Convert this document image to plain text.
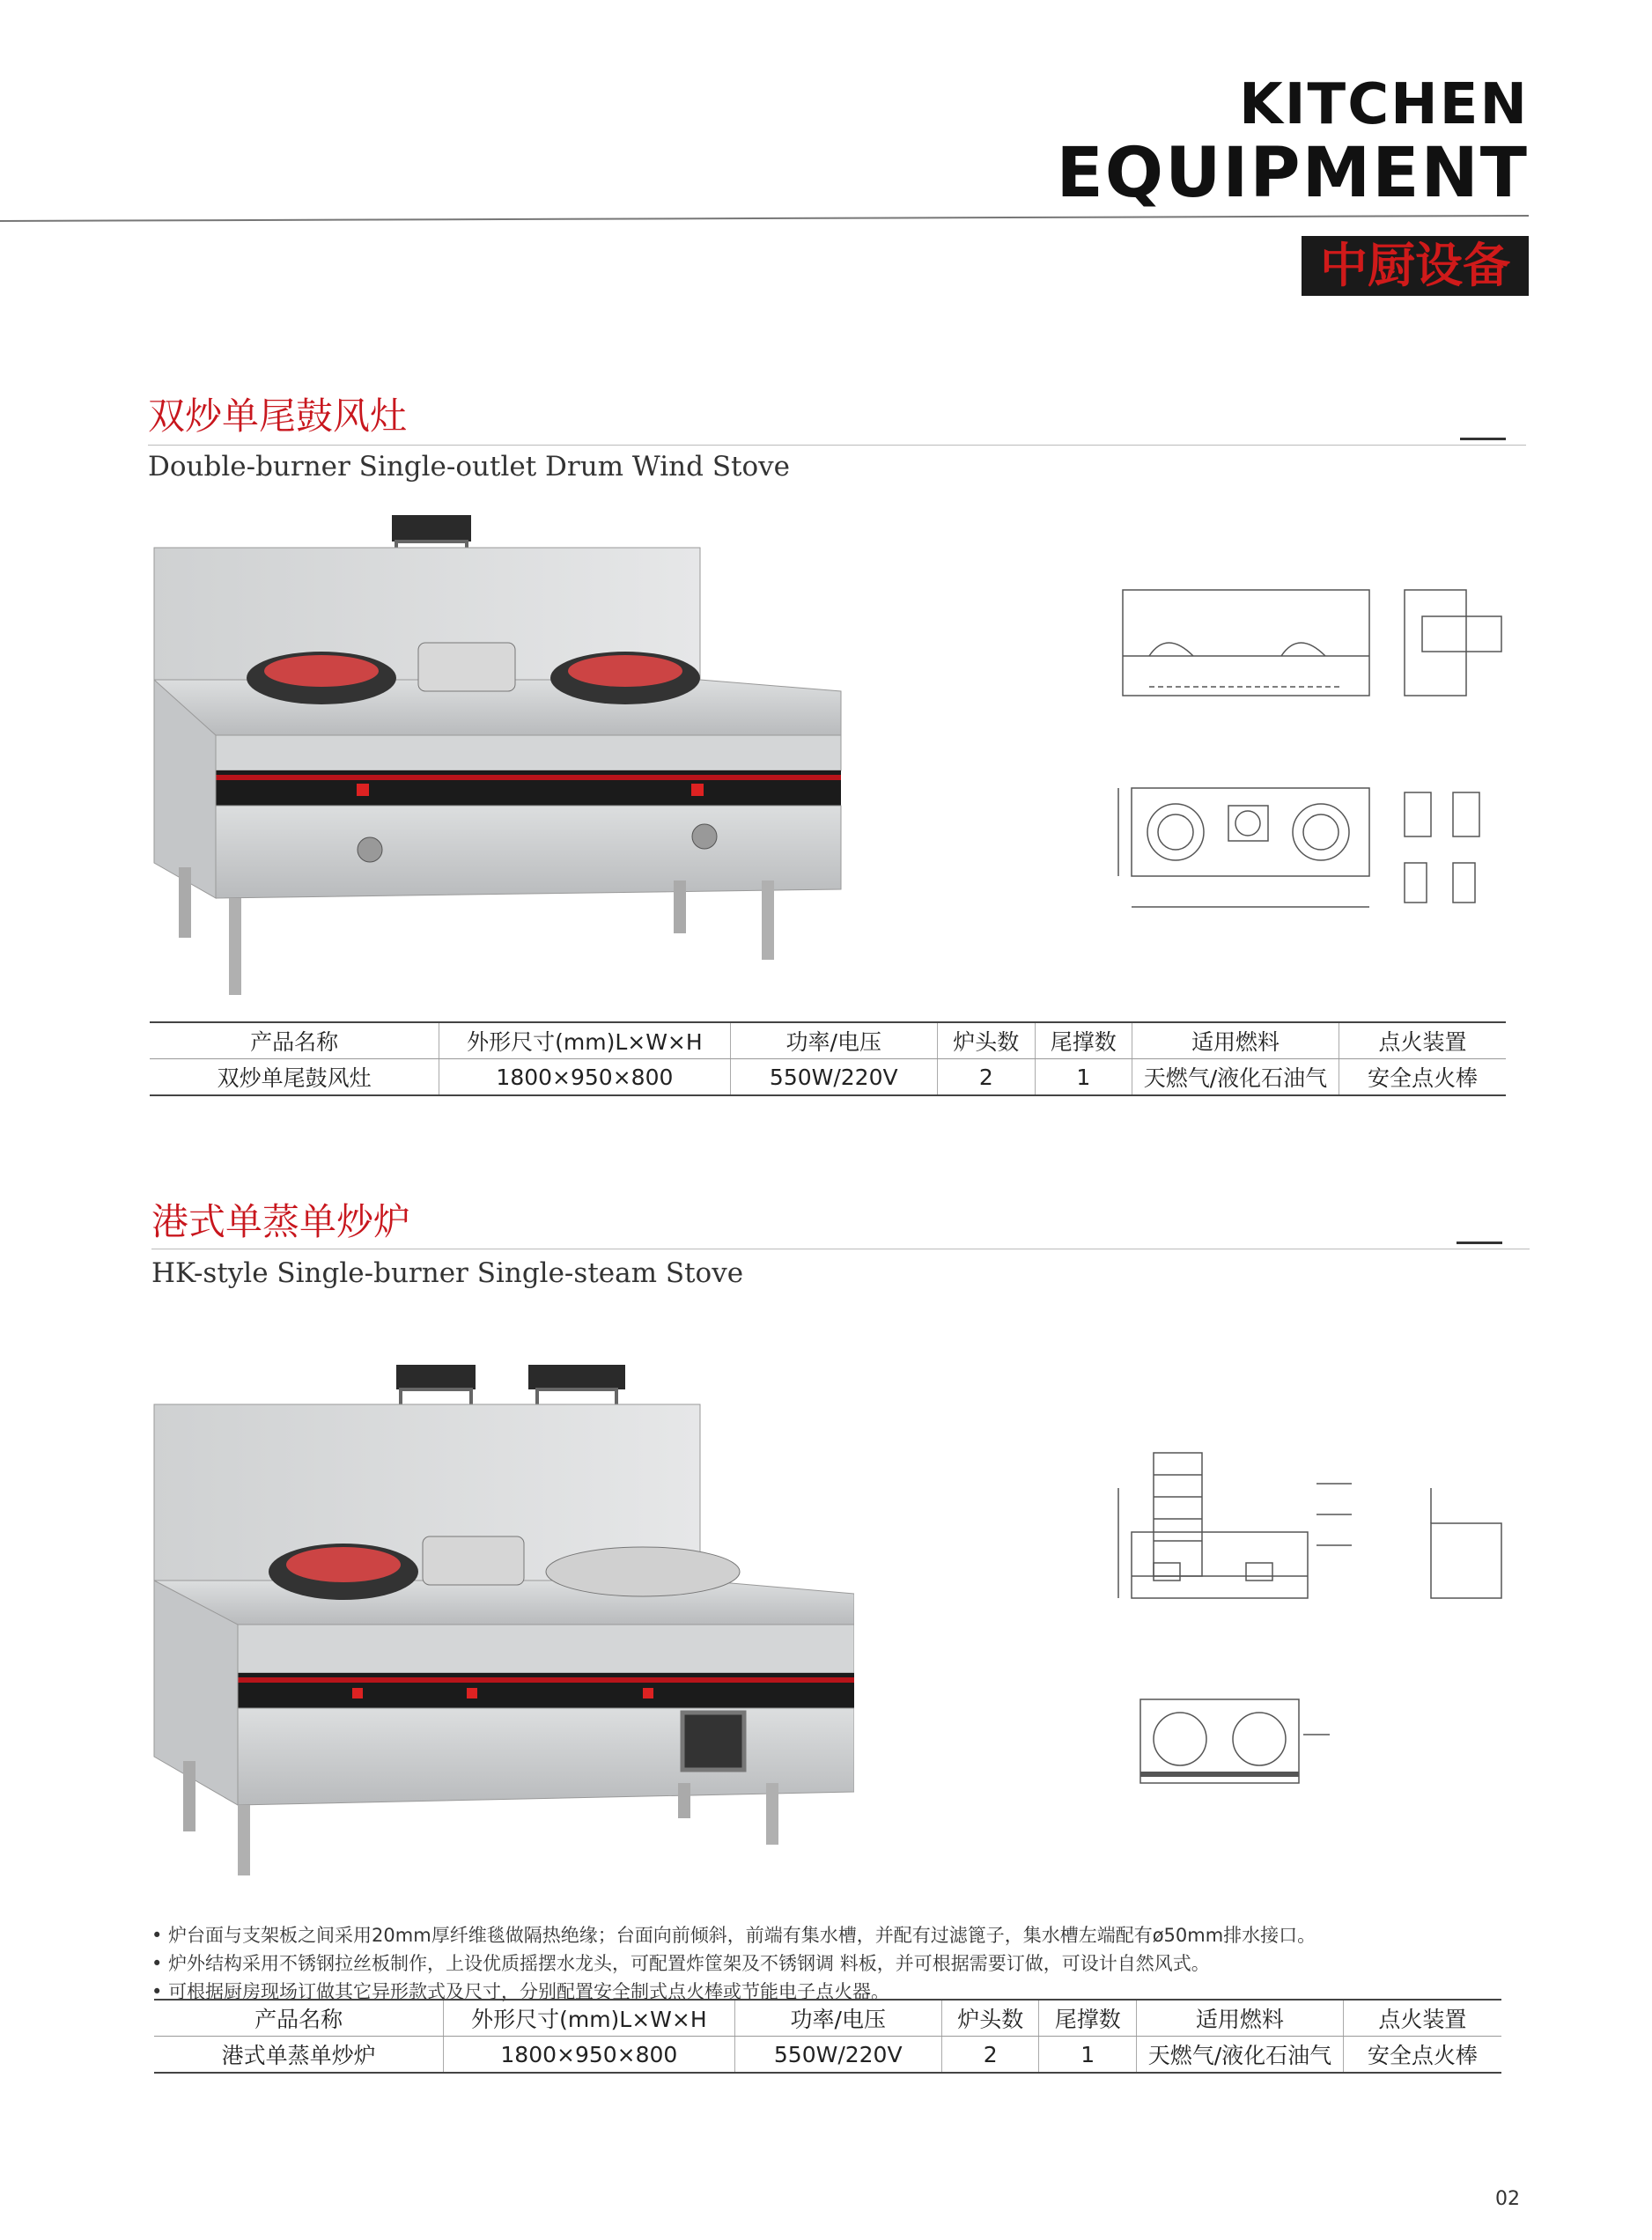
KITCHEN
EQUIPMENT
中厨设备
双炒单尾鼓风灶
Double-burner Single-outlet Drum Wind Stove
产品名称	外形尺寸(mm)L×W×H	功率/电压	炉头数	尾撑数	适用燃料	点火装置
双炒单尾鼓风灶	1800×950×800	550W/220V	2	1	天燃气/液化石油气	安全点火棒
港式单蒸单炒炉
HK-style Single-burner Single-steam Stove
• 炉台面与支架板之间采用20mm厚纤维毯做隔热绝缘；台面向前倾斜，前端有集水槽，并配有过滤篦子，集水槽左端配有ø50mm排水接口。
• 炉外结构采用不锈钢拉丝板制作，上设优质摇摆水龙头，可配置炸筐架及不锈钢调 料板，并可根据需要订做，可设计自然风式。
• 可根据厨房现场订做其它异形款式及尺寸，分别配置安全制式点火棒或节能电子点火器。
产品名称	外形尺寸(mm)L×W×H	功率/电压	炉头数	尾撑数	适用燃料	点火装置
港式单蒸单炒炉	1800×950×800	550W/220V	2	1	天燃气/液化石油气	安全点火棒
02
